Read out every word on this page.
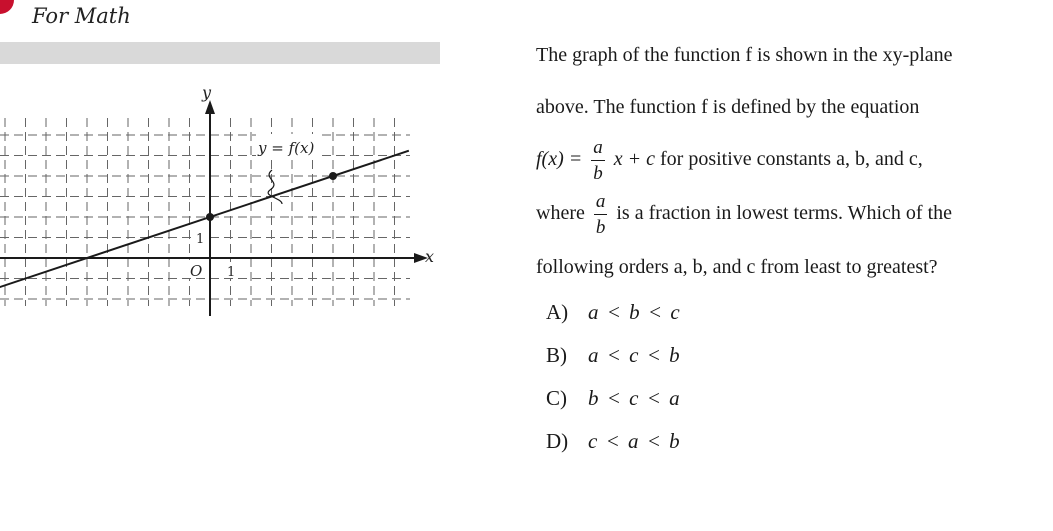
For Math
y = f(x)
y
x
O 1
1
The graph of the function f is shown in the xy-plane
above. The function f is defined by the equation
$f(x) = \frac{a}{b}$ x + c for positive constants a, b, and c,
where $\frac{a}{b}$ is a fraction in lowest terms. Which of the
following orders a, b, and c from least to greatest?
A) a < b < c
B) a < c < b
C) b < c < a
D) c < a < b
